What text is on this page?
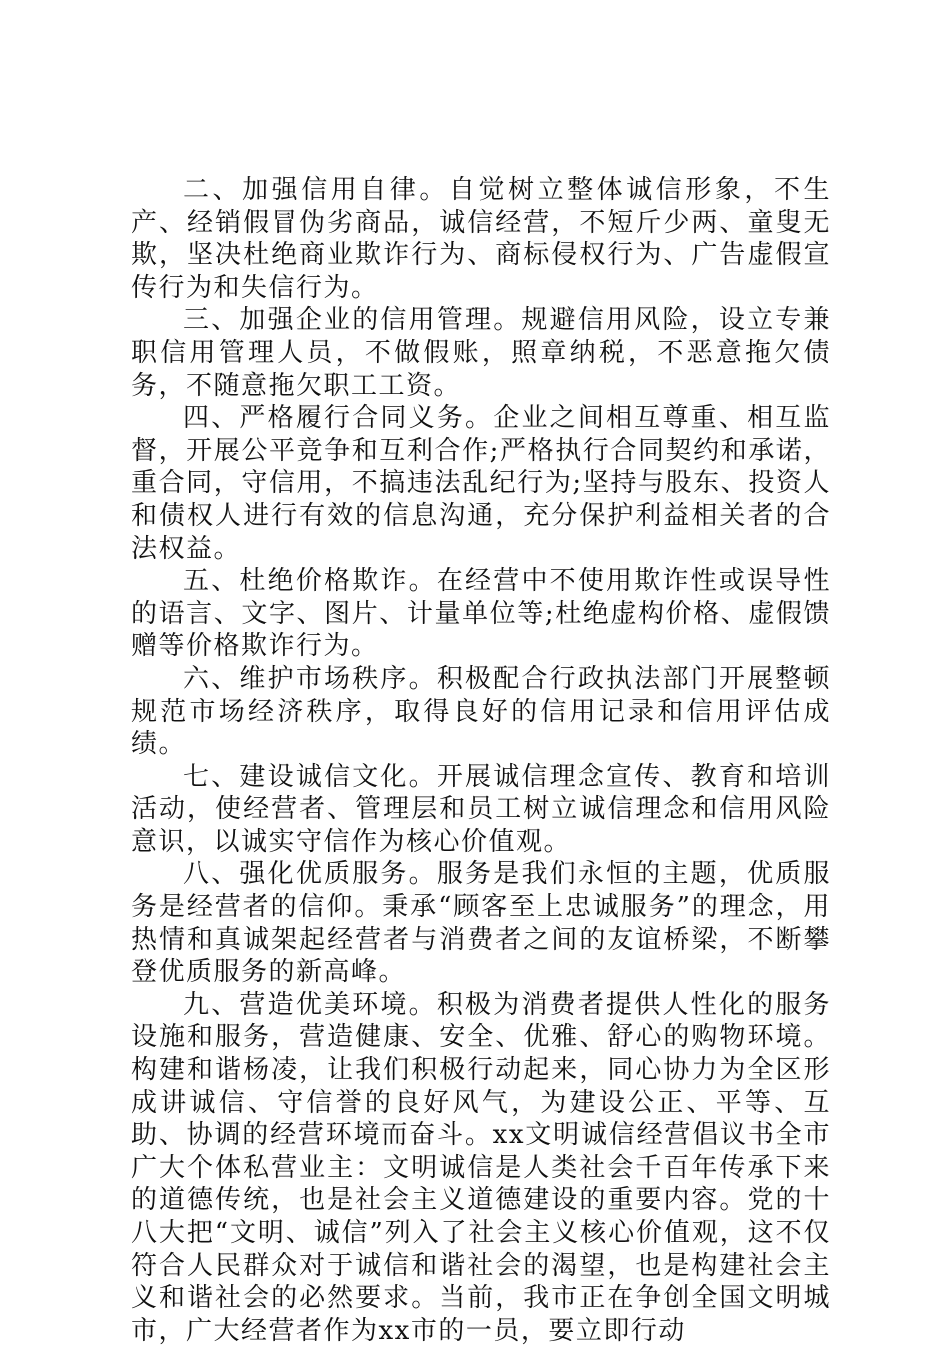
二、加强信用自律。自觉树立整体诚信形象，不生产、经销假冒伪劣商品，诚信经营，不短斤少两、童叟无欺，坚决杜绝商业欺诈行为、商标侵权行为、广告虚假宣传行为和失信行为。

三、加强企业的信用管理。规避信用风险，设立专兼职信用管理人员，不做假账，照章纳税，不恶意拖欠债务，不随意拖欠职工工资。

四、严格履行合同义务。企业之间相互尊重、相互监督，开展公平竞争和互利合作;严格执行合同契约和承诺，重合同，守信用，不搞违法乱纪行为;坚持与股东、投资人和债权人进行有效的信息沟通，充分保护利益相关者的合法权益。

五、杜绝价格欺诈。在经营中不使用欺诈性或误导性的语言、文字、图片、计量单位等;杜绝虚构价格、虚假馈赠等价格欺诈行为。

六、维护市场秩序。积极配合行政执法部门开展整顿规范市场经济秩序，取得良好的信用记录和信用评估成绩。

七、建设诚信文化。开展诚信理念宣传、教育和培训活动，使经营者、管理层和员工树立诚信理念和信用风险意识，以诚实守信作为核心价值观。

八、强化优质服务。服务是我们永恒的主题，优质服务是经营者的信仰。秉承“顾客至上忠诚服务”的理念，用热情和真诚架起经营者与消费者之间的友谊桥梁，不断攀登优质服务的新高峰。

九、营造优美环境。积极为消费者提供人性化的服务设施和服务，营造健康、安全、优雅、舒心的购物环境。构建和谐杨凌，让我们积极行动起来，同心协力为全区形成讲诚信、守信誉的良好风气，为建设公正、平等、互助、协调的经营环境而奋斗。xx文明诚信经营倡议书全市广大个体私营业主：文明诚信是人类社会千百年传承下来的道德传统，也是社会主义道德建设的重要内容。党的十八大把“文明、诚信”列入了社会主义核心价值观，这不仅符合人民群众对于诚信和谐社会的渴望，也是构建社会主义和谐社会的必然要求。当前，我市正在争创全国文明城市，广大经营者作为xx市的一员，要立即行动
